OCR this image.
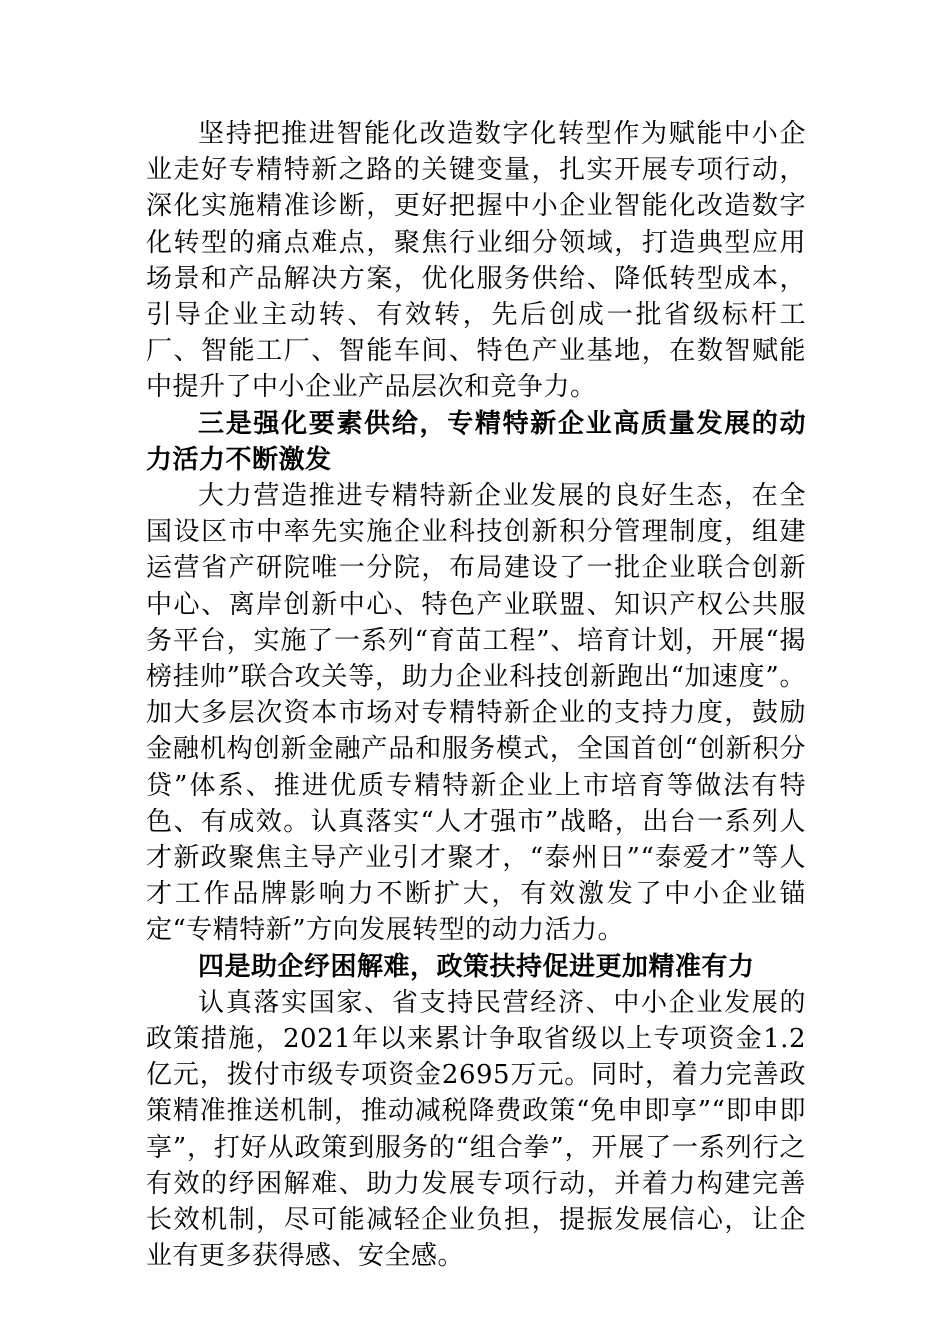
坚持把推进智能化改造数字化转型作为赋能中小企业走好专精特新之路的关键变量，扎实开展专项行动，深化实施精准诊断，更好把握中小企业智能化改造数字化转型的痛点难点，聚焦行业细分领域，打造典型应用场景和产品解决方案，优化服务供给、降低转型成本，引导企业主动转、有效转，先后创成一批省级标杆工厂、智能工厂、智能车间、特色产业基地，在数智赋能中提升了中小企业产品层次和竞争力。

三是强化要素供给，专精特新企业高质量发展的动力活力不断激发

大力营造推进专精特新企业发展的良好生态，在全国设区市中率先实施企业科技创新积分管理制度，组建运营省产研院唯一分院，布局建设了一批企业联合创新中心、离岸创新中心、特色产业联盟、知识产权公共服务平台，实施了一系列“育苗工程”、培育计划，开展“揭榜挂帅”联合攻关等，助力企业科技创新跑出“加速度”。加大多层次资本市场对专精特新企业的支持力度，鼓励金融机构创新金融产品和服务模式，全国首创“创新积分贷”体系、推进优质专精特新企业上市培育等做法有特色、有成效。认真落实“人才强市”战略，出台一系列人才新政聚焦主导产业引才聚才，“泰州日”“泰爱才”等人才工作品牌影响力不断扩大，有效激发了中小企业锚定“专精特新”方向发展转型的动力活力。

四是助企纾困解难，政策扶持促进更加精准有力

认真落实国家、省支持民营经济、中小企业发展的政策措施，2021年以来累计争取省级以上专项资金1.2亿元，拨付市级专项资金2695万元。同时，着力完善政策精准推送机制，推动减税降费政策“免申即享”“即申即享”，打好从政策到服务的“组合拳”，开展了一系列行之有效的纾困解难、助力发展专项行动，并着力构建完善长效机制，尽可能减轻企业负担，提振发展信心，让企业有更多获得感、安全感。
